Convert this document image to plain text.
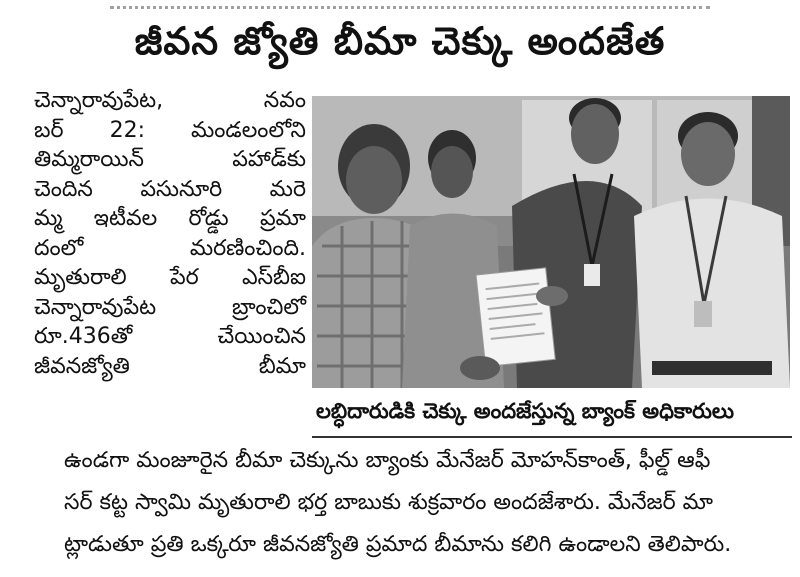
జీవన జ్యోతి బీమా చెక్కు అందజేత
చెన్నారావుపేట, నవం
బర్ 22: మండలంలోని
తిమ్మరాయిన్ పహాడ్‌కు
చెందిన పసునూరి మరె
మ్మ ఇటీవల రోడ్డు ప్రమా
దంలో మరణించింది.
మృతురాలి పేర ఎస్‌బీఐ
చెన్నారావుపేట బ్రాంచిలో
రూ.436తో చేయించిన
జీవనజ్యోతి బీమా
లబ్ధిదారుడికి చెక్కు అందజేస్తున్న బ్యాంక్ అధికారులు
ఉండగా మంజూరైన బీమా చెక్కును బ్యాంకు మేనేజర్ మోహన్‌కాంత్, ఫీల్డ్ ఆఫీ
సర్ కట్ట స్వామి మృతురాలి భర్త బాబుకు శుక్రవారం అందజేశారు. మేనేజర్ మా
ట్లాడుతూ ప్రతి ఒక్కరూ జీవనజ్యోతి ప్రమాద బీమాను కలిగి ఉండాలని తెలిపారు.
